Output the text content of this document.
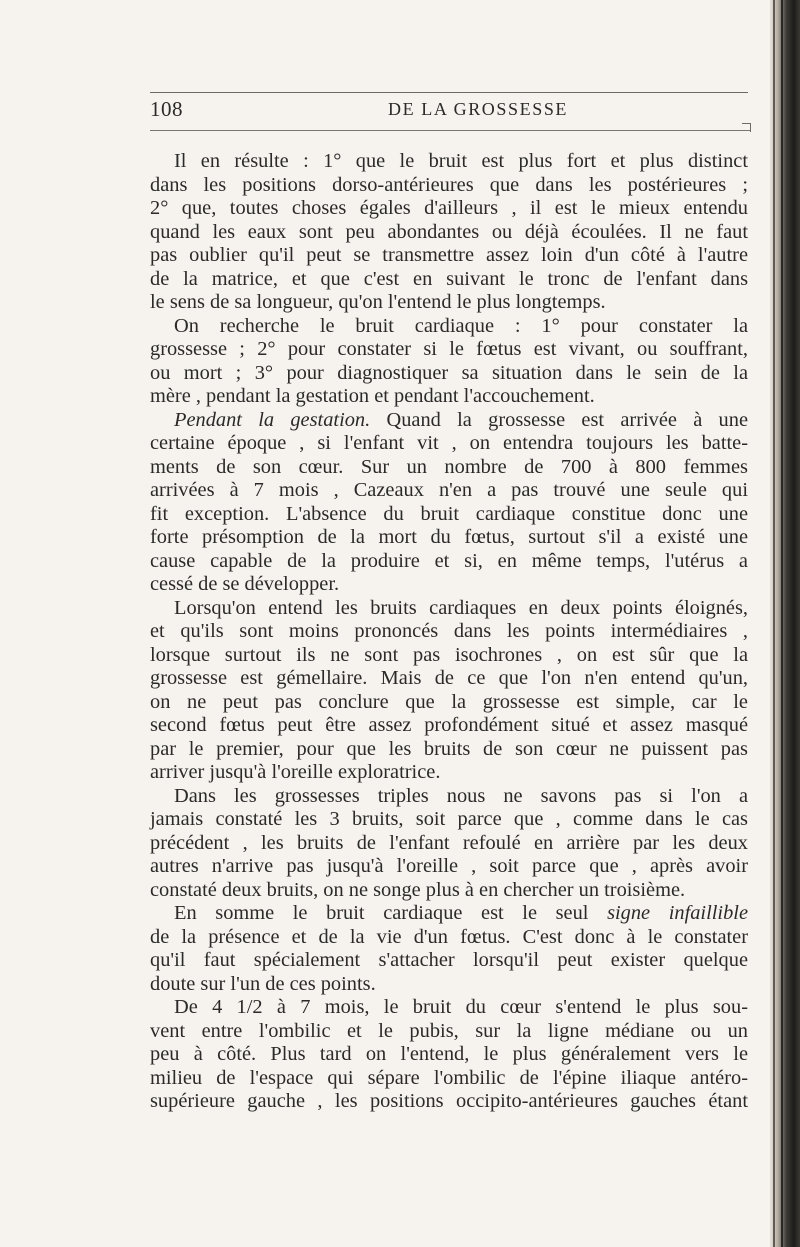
108	DE LA GROSSESSE
Il en résulte : 1° que le bruit est plus fort et plus distinct
dans les positions dorso-antérieures que dans les postérieures ;
2° que, toutes choses égales d'ailleurs , il est le mieux entendu
quand les eaux sont peu abondantes ou déjà écoulées. Il ne faut
pas oublier qu'il peut se transmettre assez loin d'un côté à l'autre
de la matrice, et que c'est en suivant le tronc de l'enfant dans
le sens de sa longueur, qu'on l'entend le plus longtemps.
On recherche le bruit cardiaque : 1° pour constater la
grossesse ; 2° pour constater si le fœtus est vivant, ou souffrant,
ou mort ; 3° pour diagnostiquer sa situation dans le sein de la
mère , pendant la gestation et pendant l'accouchement.
Pendant la gestation. Quand la grossesse est arrivée à une
certaine époque , si l'enfant vit , on entendra toujours les batte-
ments de son cœur. Sur un nombre de 700 à 800 femmes
arrivées à 7 mois , Cazeaux n'en a pas trouvé une seule qui
fit exception. L'absence du bruit cardiaque constitue donc une
forte présomption de la mort du fœtus, surtout s'il a existé une
cause capable de la produire et si, en même temps, l'utérus a
cessé de se développer.
Lorsqu'on entend les bruits cardiaques en deux points éloignés,
et qu'ils sont moins prononcés dans les points intermédiaires ,
lorsque surtout ils ne sont pas isochrones , on est sûr que la
grossesse est gémellaire. Mais de ce que l'on n'en entend qu'un,
on ne peut pas conclure que la grossesse est simple, car le
second fœtus peut être assez profondément situé et assez masqué
par le premier, pour que les bruits de son cœur ne puissent pas
arriver jusqu'à l'oreille exploratrice.
Dans les grossesses triples nous ne savons pas si l'on a
jamais constaté les 3 bruits, soit parce que , comme dans le cas
précédent , les bruits de l'enfant refoulé en arrière par les deux
autres n'arrive pas jusqu'à l'oreille , soit parce que , après avoir
constaté deux bruits, on ne songe plus à en chercher un troisième.
En somme le bruit cardiaque est le seul signe infaillible
de la présence et de la vie d'un fœtus. C'est donc à le constater
qu'il faut spécialement s'attacher lorsqu'il peut exister quelque
doute sur l'un de ces points.
De 4 1/2 à 7 mois, le bruit du cœur s'entend le plus sou-
vent entre l'ombilic et le pubis, sur la ligne médiane ou un
peu à côté. Plus tard on l'entend, le plus généralement vers le
milieu de l'espace qui sépare l'ombilic de l'épine iliaque antéro-
supérieure gauche , les positions occipito-antérieures gauches étant
